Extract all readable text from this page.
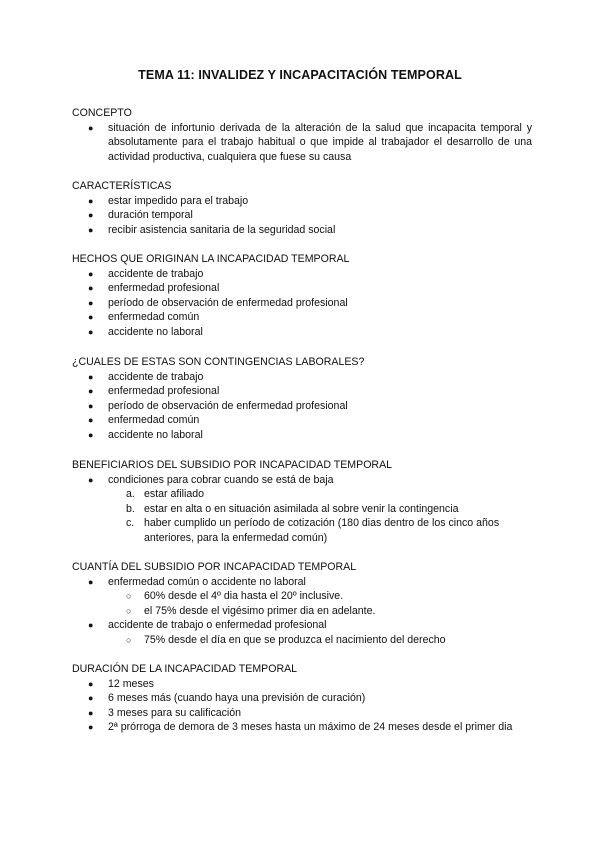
TEMA 11: INVALIDEZ Y INCAPACITACIÓN TEMPORAL
CONCEPTO
● situación de infortunio derivada de la alteración de la salud que incapacita temporal y absolutamente para el trabajo habitual o que impide al trabajador el desarrollo de una actividad productiva, cualquiera que fuese su causa
CARACTERÍSTICAS
● estar impedido para el trabajo
● duración temporal
● recibir asistencia sanitaria de la seguridad social
HECHOS QUE ORIGINAN LA INCAPACIDAD TEMPORAL
● accidente de trabajo
● enfermedad profesional
● período de observación de enfermedad profesional
● enfermedad común
● accidente no laboral
¿CUALES DE ESTAS SON CONTINGENCIAS LABORALES?
● accidente de trabajo
● enfermedad profesional
● período de observación de enfermedad profesional
● enfermedad común
● accidente no laboral
BENEFICIARIOS DEL SUBSIDIO POR INCAPACIDAD TEMPORAL
● condiciones para cobrar cuando se está de baja
a. estar afiliado
b. estar en alta o en situación asimilada al sobre venir la contingencia
c. haber cumplido un período de cotización (180 dias dentro de los cinco años anteriores, para la enfermedad común)
CUANTÍA DEL SUBSIDIO POR INCAPACIDAD TEMPORAL
● enfermedad común o accidente no laboral
○ 60% desde el 4º dia hasta el 20º inclusive.
○ el 75% desde el vigésimo primer dia en adelante.
● accidente de trabajo o enfermedad profesional
○ 75% desde el día en que se produzca el nacimiento del derecho
DURACIÓN DE LA INCAPACIDAD TEMPORAL
● 12 meses
● 6 meses más (cuando haya una previsión de curación)
● 3 meses para su calificación
● 2ª prórroga de demora de 3 meses hasta un máximo de 24 meses desde el primer dia
